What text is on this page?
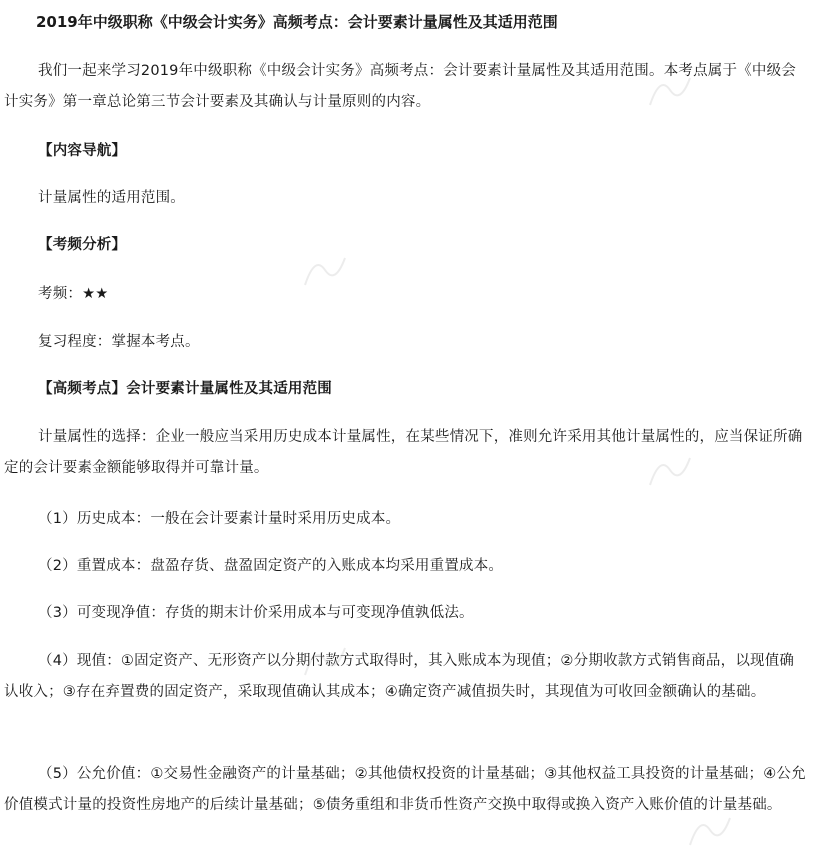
2019年中级职称《中级会计实务》高频考点：会计要素计量属性及其适用范围
我们一起来学习2019年中级职称《中级会计实务》高频考点：会计要素计量属性及其适用范围。本考点属于《中级会计实务》第一章总论第三节会计要素及其确认与计量原则的内容。
【内容导航】
计量属性的适用范围。
【考频分析】
考频：★★
复习程度：掌握本考点。
【高频考点】会计要素计量属性及其适用范围
计量属性的选择：企业一般应当采用历史成本计量属性，在某些情况下，准则允许采用其他计量属性的，应当保证所确定的会计要素金额能够取得并可靠计量。
（1）历史成本：一般在会计要素计量时采用历史成本。
（2）重置成本：盘盈存货、盘盈固定资产的入账成本均采用重置成本。
（3）可变现净值：存货的期末计价采用成本与可变现净值孰低法。
（4）现值：①固定资产、无形资产以分期付款方式取得时，其入账成本为现值；②分期收款方式销售商品，以现值确认收入；③存在弃置费的固定资产，采取现值确认其成本；④确定资产减值损失时，其现值为可收回金额确认的基础。
（5）公允价值：①交易性金融资产的计量基础；②其他债权投资的计量基础；③其他权益工具投资的计量基础；④公允价值模式计量的投资性房地产的后续计量基础；⑤债务重组和非货币性资产交换中取得或换入资产入账价值的计量基础。
